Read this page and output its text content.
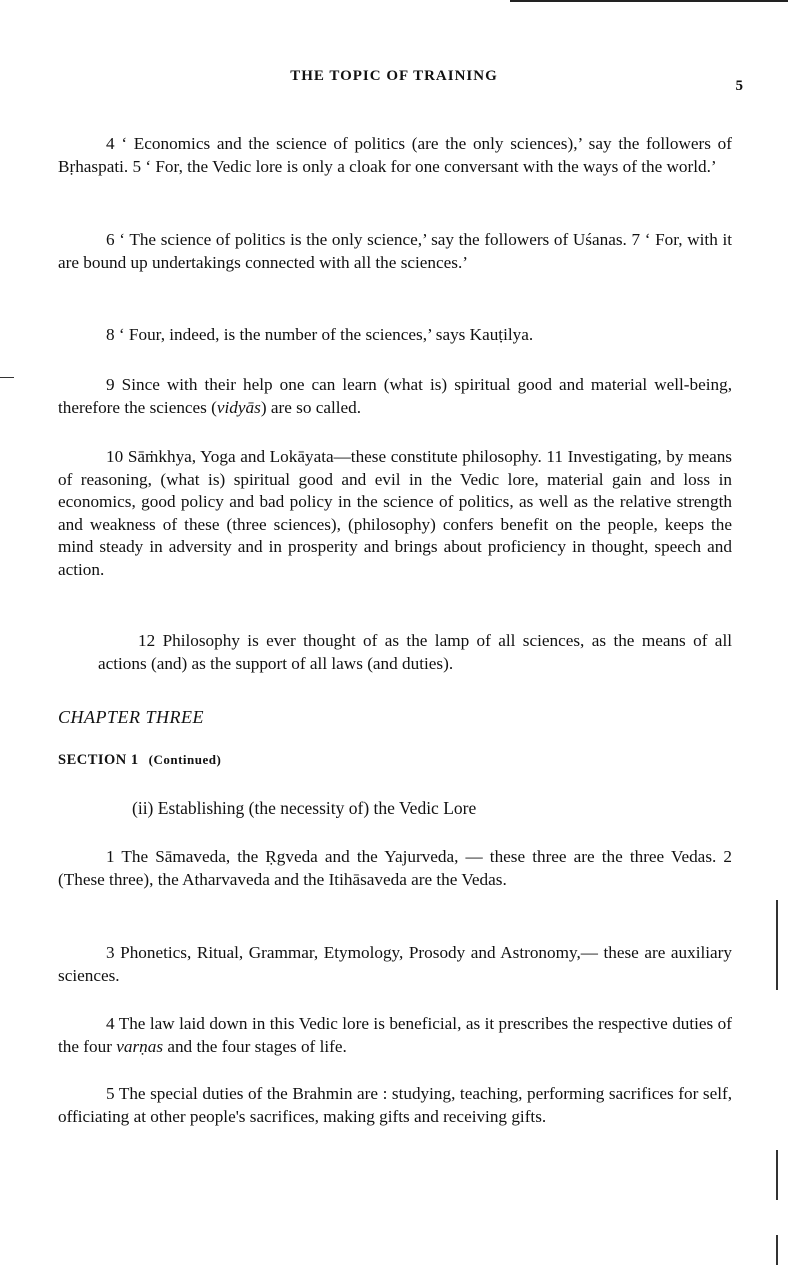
THE TOPIC OF TRAINING
5

4 ‘ Economics and the science of politics (are the only sciences),’ say the followers of Bṛhaspati. 5 ‘ For, the Vedic lore is only a cloak for one conversant with the ways of the world.’

6 ‘ The science of politics is the only science,’ say the followers of Uśanas. 7 ‘ For, with it are bound up undertakings connected with all the sciences.’

8 ‘ Four, indeed, is the number of the sciences,’ says Kauṭilya.

9 Since with their help one can learn (what is) spiritual good and material well-being, therefore the sciences (vidyās) are so called.

10 Sāṁkhya, Yoga and Lokāyata—these constitute philosophy. 11 Investigating, by means of reasoning, (what is) spiritual good and evil in the Vedic lore, material gain and loss in economics, good policy and bad policy in the science of politics, as well as the relative strength and weakness of these (three sciences), (philosophy) confers benefit on the people, keeps the mind steady in adversity and in prosperity and brings about proficiency in thought, speech and action.

12 Philosophy is ever thought of as the lamp of all sciences, as the means of all actions (and) as the support of all laws (and duties).

CHAPTER THREE
SECTION 1 (Continued)
(ii) Establishing (the necessity of) the Vedic Lore

1 The Sāmaveda, the Ṛgveda and the Yajurveda, — these three are the three Vedas. 2 (These three), the Atharvaveda and the Itihāsaveda are the Vedas.

3 Phonetics, Ritual, Grammar, Etymology, Prosody and Astronomy,— these are auxiliary sciences.

4 The law laid down in this Vedic lore is beneficial, as it prescribes the respective duties of the four varṇas and the four stages of life.

5 The special duties of the Brahmin are : studying, teaching, performing sacrifices for self, officiating at other people's sacrifices, making gifts and receiving gifts.
